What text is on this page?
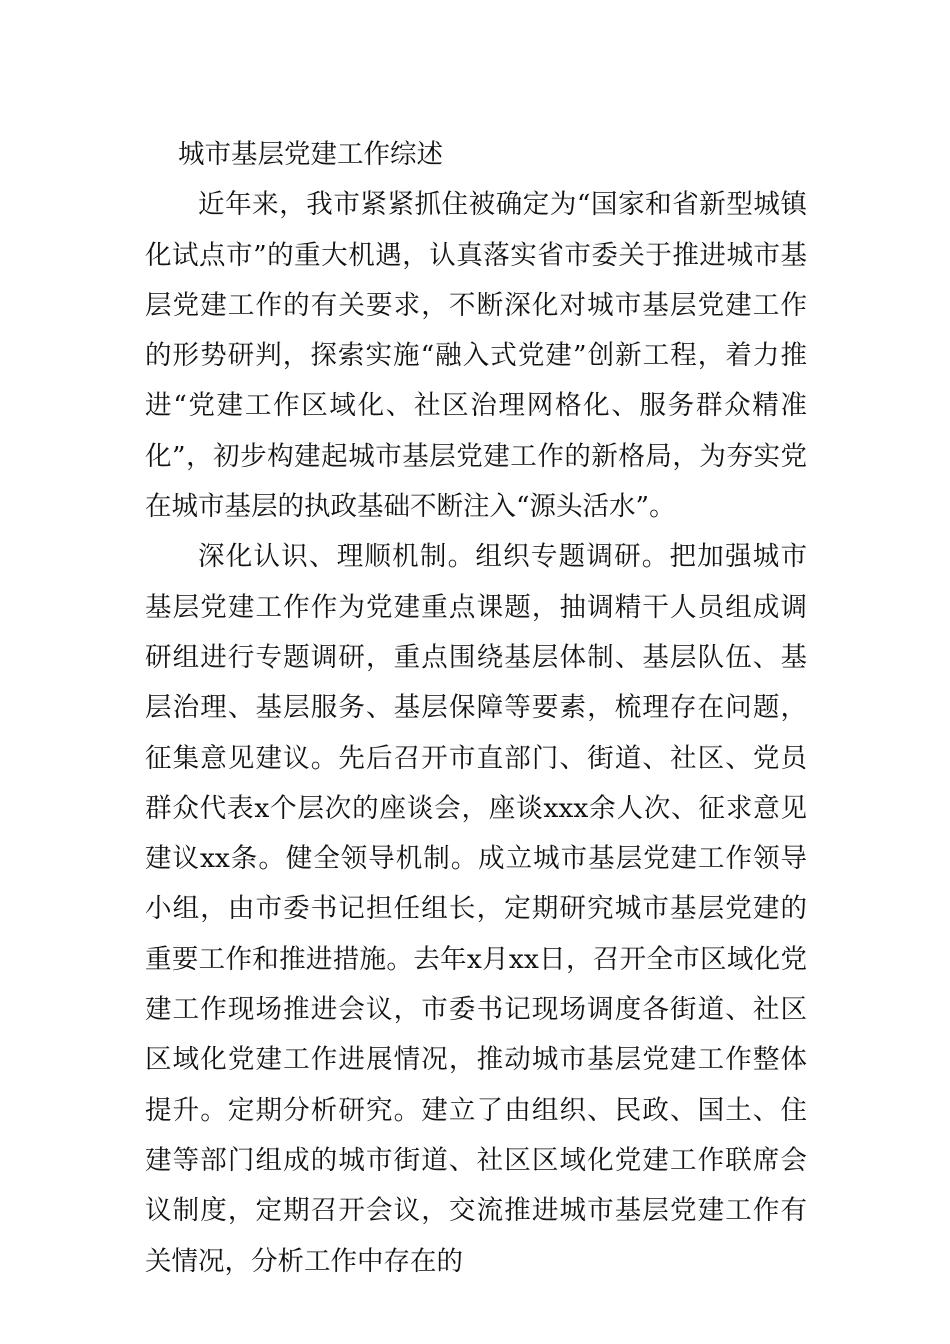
城市基层党建工作综述

近年来，我市紧紧抓住被确定为“国家和省新型城镇化试点市”的重大机遇，认真落实省市委关于推进城市基层党建工作的有关要求，不断深化对城市基层党建工作的形势研判，探索实施“融入式党建”创新工程，着力推进“党建工作区域化、社区治理网格化、服务群众精准化”，初步构建起城市基层党建工作的新格局，为夯实党在城市基层的执政基础不断注入“源头活水”。

深化认识、理顺机制。组织专题调研。把加强城市基层党建工作作为党建重点课题，抽调精干人员组成调研组进行专题调研，重点围绕基层体制、基层队伍、基层治理、基层服务、基层保障等要素，梳理存在问题，征集意见建议。先后召开市直部门、街道、社区、党员群众代表x个层次的座谈会，座谈xxx余人次、征求意见建议xx条。健全领导机制。成立城市基层党建工作领导小组，由市委书记担任组长，定期研究城市基层党建的重要工作和推进措施。去年x月xx日，召开全市区域化党建工作现场推进会议，市委书记现场调度各街道、社区区域化党建工作进展情况，推动城市基层党建工作整体提升。定期分析研究。建立了由组织、民政、国土、住建等部门组成的城市街道、社区区域化党建工作联席会议制度，定期召开会议，交流推进城市基层党建工作有关情况，分析工作中存在的
